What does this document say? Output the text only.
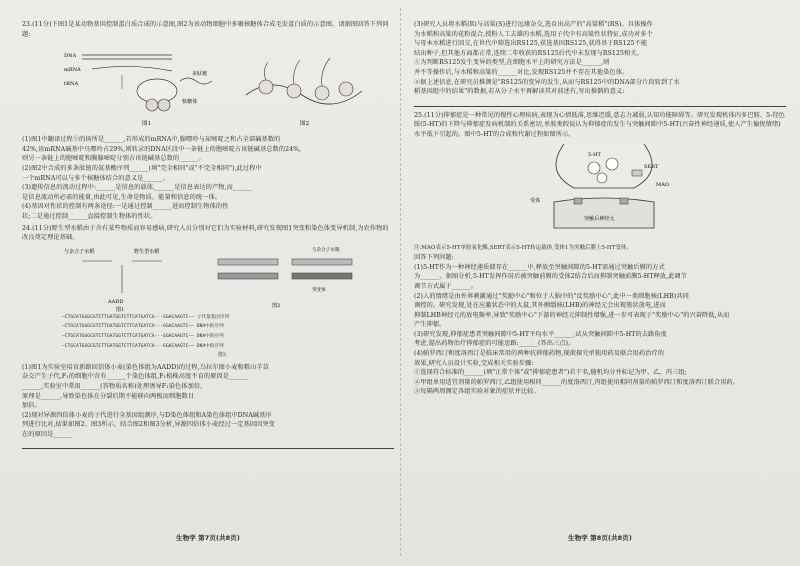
23.(11分)下图1是某动物基因控制蛋白质合成的示意图,图2为该动物细胞中多聚核糖体合成毛发蛋白质的示意图。请据图回答下列问题:

DNA
mRNA
tRNA
核糖体
多肽链
图1	图2

(1)图1中翻译过程①的场所是______,若形成的mRNA中,腺嘌呤与尿嘧啶之和占全部碱基数的

42%,该mRNA碱基中鸟嘌呤占29%,则转录的DNA区段中一条链上的胞嘧啶占该链碱基总数的24%,

则另一条链上的胞嘧啶和胸腺嘧啶分别占该链碱基总数的______。

(2)图2中合成的多条肽链的氨基酸序列______(填"完全相同"或"不完全相同"),此过程中

一个mRNA可以与多个核糖体结合的意义是______。

(3)遗传信息的流动过程中:______是信息的载体,______是信息表达的产物,而______

是信息流动所必需的能量,由此可见,生命是物质、能量和信息的统一体。

(4)基因对性状的控制有两条途径:一是通过控制______进而控制生物体的性

状;二是通过控制______直接控制生物体的性状。

24.(11分)野生型水稻由于含有某些物质而容易感病,研究人员分别对它们为实验材料,研究发现图1突变和染色体变异机制,为农作物的改良奠定理论基础。

与杂合子水稻	野生型水稻
AADD
图1
与杂合子水稻
突变体
图2
—CTGCATGGGCGTCTTGATGGTCTTCATGATCA···GGACAAGTC—— 子代某基因序列
—CTGCATGGGCGTCTTGATGGTCTTCATGATCA···GGACAAGTC—— DNA中的序列
—CTGCATGGGCGTCTTGATGGTCTTCATGATCA···GGACAAGTC—— DNA中的序列
—CTGCATGGGCGTCTTGATGGTCTTCATGATCA···GGACAAGTC—— DNA中的序列
图3

(1)图1为实验室培育新路回信体小麦(染色体组为AADD)的过程,乌拉尔图小麦和粗山羊草

杂交产生子代,F₁的细胞中含有______个染色体组,F₁植株高度不育的原因是______

______,实验室中常用______(答物质名称)处理诱导F₁染色体加倍,

原理是______,导致染色体在分裂后期不能移向两极而细胞数目

加倍。

(2)现对异源四倍体小麦的子代进行全基因组测序,与D染色体组和A染色体组中DNA碱基序

列进行比对,结果如图2、图3所示。结合图2和图3分析,异源四倍体小麦经过一定基因因突变

在的原因是______

生物学 第7页(共8页)

(3)研究人员将水稻(R)与高粱(S)进行远缘杂交,选育出高产的"高粱稻"(RS)。具体操作

为水稻和高粱的花粉混合,授粉人工去雄的水稻,选用子代中有高粱性状特征,成功对多个

与母本水稻进行回交,在世代中筛选出RS125,获选基因RS125,获得基于RS125不能

结出种子,但其他方面都正常,连续二年收获的RS125后代中未发现与RS125相关。

①为判断RS125发生变异的类型,在细胞水平上的研究方法是______,则

并不等操作后,与水稻和高粱的______对比,发现RS125并不存在其他染色体。

②据上述信息,在研究员推测是"RS125的变异的发生,从而与RS125中的DNA部分片段转到了水

稻基因组中的结果"的数据,若从分子水平再解读其对前述有,写出推倒的意义:

25.(11分)抑郁症是一种常见的慢性心理疾病,表现为心情低落,思维迟缓,意志力减弱,认知功能障碍等。研究发现机体内多巴胺、5-羟色胺(5-HT)的下降与抑郁症发病机制的关系密切,单胺类假说认为抑郁症的发生与突触间隙中5-HT(兴奋性神经递质,使人产生愉悦情绪)水平低下引起的。图中5-HT的合成和代谢过程如图所示。

5-HT
SERT
受体
MAO
突触后神经元

注:MAO表示5-HT单胺氧化酶,SERT表示5-HT转运载体,受体1为突触后膜上5-HT受体。

回答下列问题:

(1)5-HT作为一种神经递质储存在______中,释放至突触间隙的5-HT需通过突触后膜的方式

为______。据图分析,5-HT发挥作用后被突触前膜的受体2结合后而抑制突触前膜5-HT释放,此调节

调节方式属于______。

(2)人的情绪是由外界刺激通过"奖励中心"和位于人脑中的"反奖励中心",此中一类细胞核(LHB)共同

调控的。研究发现,处在应激状态中的大鼠,其外侧缰核(LHB)的神经元会出现簇状放电,进而

抑制LHB神经元的放电频率,导致"奖励中心"下游的神经元抑制性增强,进一步可表现于"奖励中心"的兴奋降低,从而

产生抑郁。

(3)研究发现,抑郁症患者突触间隙中5-HT平均水平______,试从突触间隙中5-HT的去路角度

考虑,提出药物治疗抑郁症的可能思路:______(答出三点)。

(4)帕罗西汀和度洛西汀是临床常用的两种抗抑郁药物,现欲探究单独用药及联合用药治疗的

效果,研究人员设计实验,完成相关实验步骤:

①选择符合标准的______(填"正常个体"或"抑郁症患者")若干名,随机均分并标记为甲、乙、丙三组;

②甲组单用适宜剂量的帕罗西汀,乙组使用相同______的度洛西汀,丙组使用相同剂量的帕罗西汀和度洛西汀联合用药。

③每隔两周测定各组实验对象的症状并比较。

生物学 第8页(共8页)
